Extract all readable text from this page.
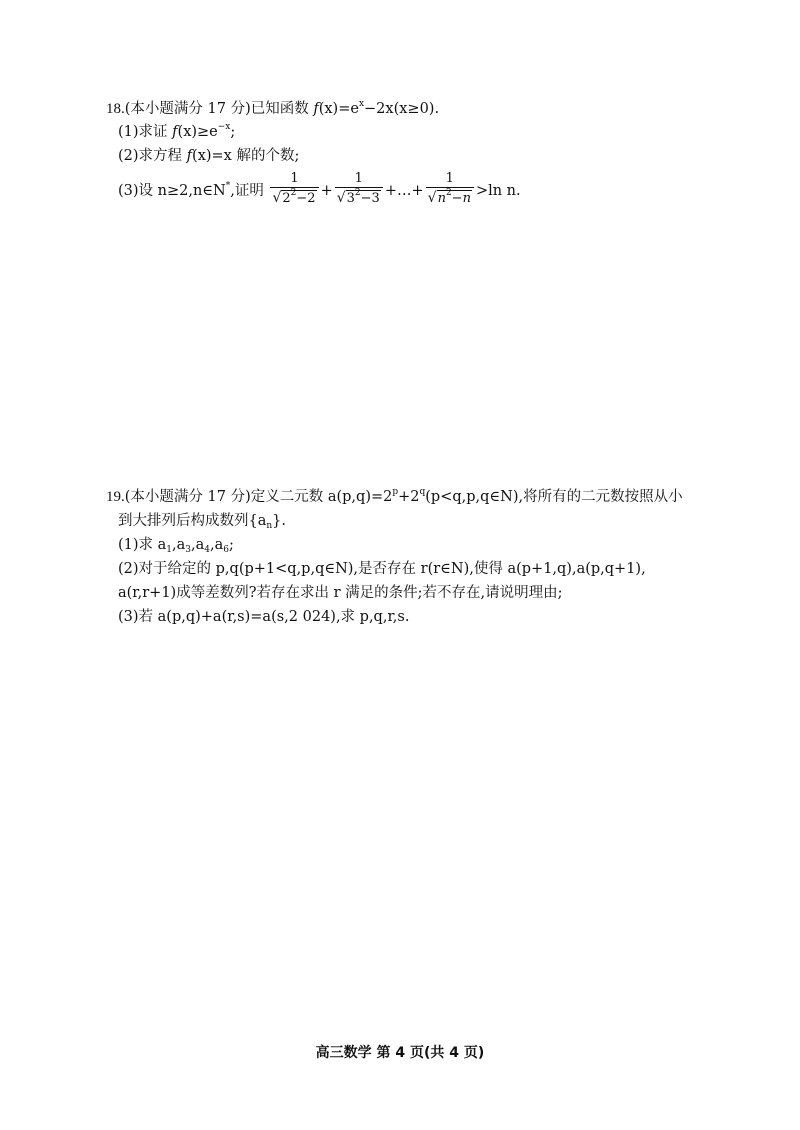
18.(本小题满分 17 分)已知函数 $f(x)=e^x-2x(x\ge 0)$.
(1)求证 $f(x)\ge e^{-x}$;
(2)求方程 f(x)=x 解的个数;
(3)设 n≥2,n∈N*,证明 $\frac{1}{√2^2-2} + \frac{1}{√3^2-3}$ +…+ $\frac{1}{√n^2-n} >\ln$ n.
19.(本小题满分 17 分)定义二元数 $a(p,q)=2^p+2^q(p<q,p,q\in N)$,将所有的二元数按照从小
到大排列后构成数列$\{a_n\}$.
(1)求 $a_1,a_3,a_4,a_6$;
(2)对于给定的 p,q(p+1<q,p,q∈N),是否存在 r(r∈N),使得 a(p+1,q),a(p,q+1),
a(r,r+1)成等差数列?若存在求出 r 满足的条件;若不存在,请说明理由;
(3)若 a(p,q)+a(r,s)=a(s,2 024),求 p,q,r,s.
高三数学 第 4 页(共 4 页)
